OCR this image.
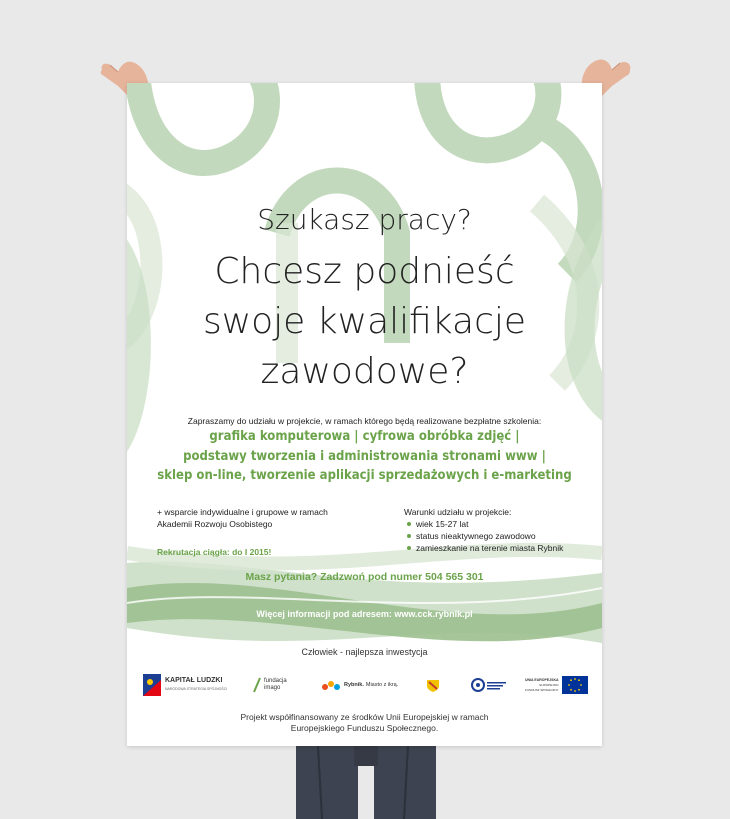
Szukasz pracy?
Chcesz podnieść
swoje kwalifikacje
zawodowe?
Zapraszamy do udziału w projekcie, w ramach którego będą realizowane bezpłatne szkolenia:
grafika komputerowa | cyfrowa obróbka zdjęć |
podstawy tworzenia i administrowania stronami www |
sklep on-line, tworzenie aplikacji sprzedażowych i e-marketing
+ wsparcie indywidualne i grupowe w ramach
Akademii Rozwoju Osobistego
Rekrutacja ciągła: do I 2015!
Warunki udziału w projekcie:
wiek 15-27 lat
status nieaktywnego zawodowo
zamieszkanie na terenie miasta Rybnik
Masz pytania? Zadzwoń pod numer 504 565 301
Więcej informacji pod adresem: www.cck.rybnik.pl
Człowiek - najlepsza inwestycja
KAPITAŁ LUDZKI
NARODOWA STRATEGIA SPÓJNOŚCI
fundacja
imago	Rybnik. Miasto z ikrą.
UNIA EUROPEJSKA
EUROPEJSKI
FUNDUSZ SPOŁECZNY
Projekt współfinansowany ze środków Unii Europejskiej w ramach
Europejskiego Funduszu Społecznego.
